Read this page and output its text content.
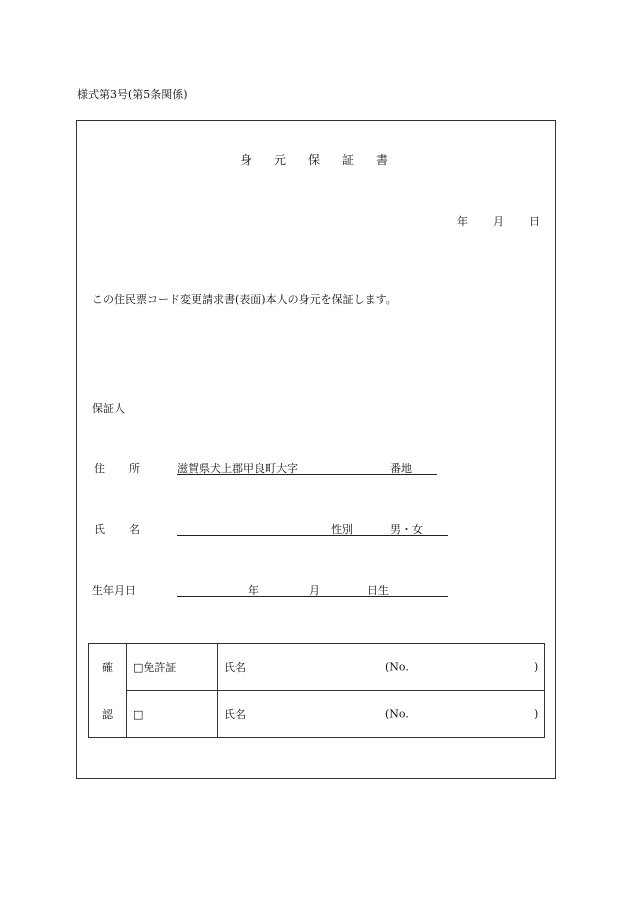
様式第3号(第5条関係)
身元保証書
年 月 日
この住民票コード変更請求書(表面)本人の身元を保証します。
保証人
住 所	滋賀県犬上郡甲良町大字	番地
氏 名	性別	男・女
生年月日	年	月	日生
確	□免許証	氏名 (No. )

認	□	氏名 (No. )
